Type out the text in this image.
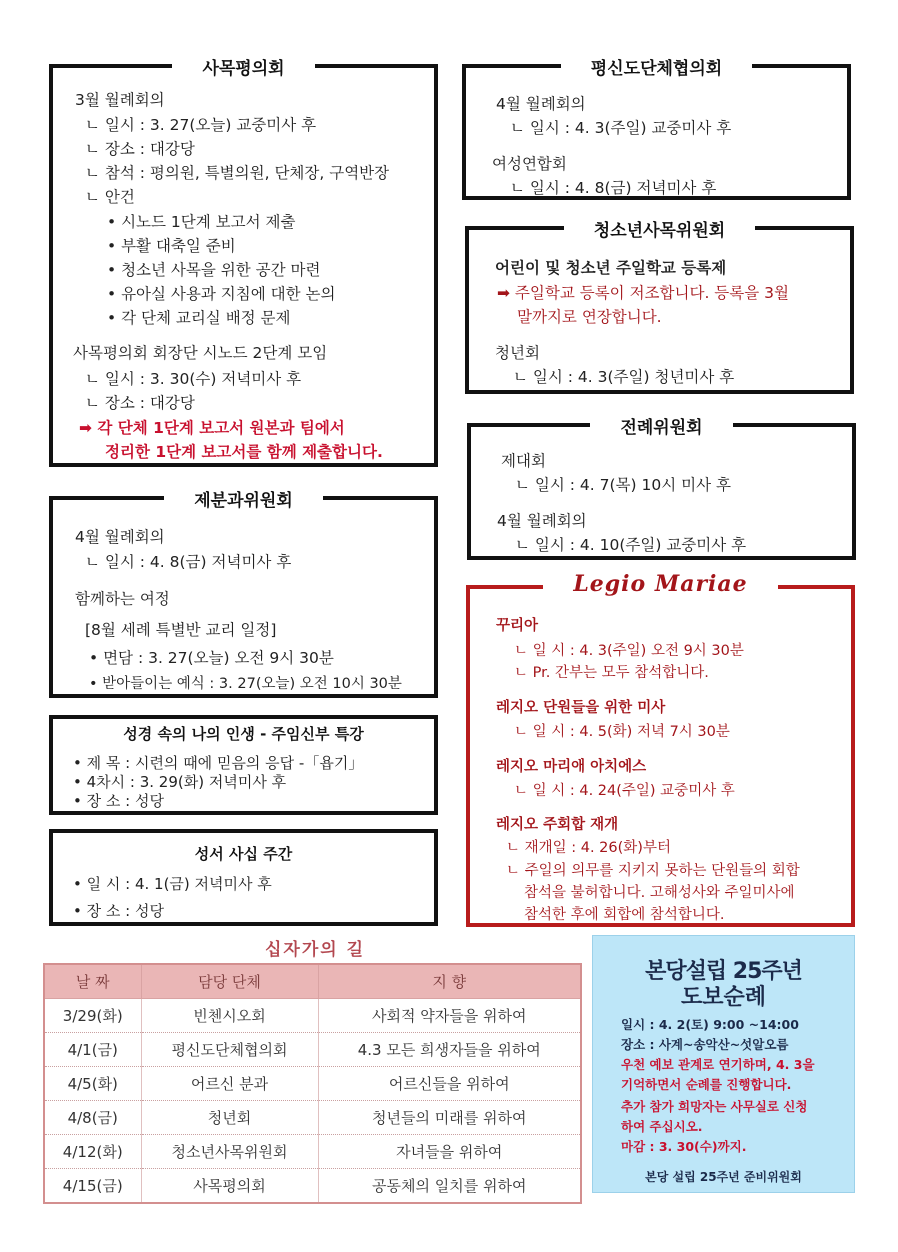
사목평의회
3월 월례회의
ㄴ 일시 : 3. 27(오늘) 교중미사 후
ㄴ 장소 : 대강당
ㄴ 참석 : 평의원, 특별의원, 단체장, 구역반장
ㄴ 안건
• 시노드 1단계 보고서 제출
• 부활 대축일 준비
• 청소년 사목을 위한 공간 마련
• 유아실 사용과 지침에 대한 논의
• 각 단체 교리실 배정 문제
사목평의회 회장단 시노드 2단계 모임
ㄴ 일시 : 3. 30(수) 저녁미사 후
ㄴ 장소 : 대강당
➡ 각 단체 1단계 보고서 원본과 팀에서
정리한 1단계 보고서를 함께 제출합니다.
평신도단체협의회
4월 월례회의
ㄴ 일시 : 4. 3(주일) 교중미사 후
여성연합회
ㄴ 일시 : 4. 8(금) 저녁미사 후
청소년사목위원회
어린이 및 청소년 주일학교 등록제
➡ 주일학교 등록이 저조합니다. 등록을 3월
말까지로 연장합니다.
청년회
ㄴ 일시 : 4. 3(주일) 청년미사 후
전례위원회
제대회
ㄴ 일시 : 4. 7(목) 10시 미사 후
4월 월례회의
ㄴ 일시 : 4. 10(주일) 교중미사 후
제분과위원회
4월 월례회의
ㄴ 일시 : 4. 8(금) 저녁미사 후
함께하는 여정
[8월 세례 특별반 교리 일정]
• 면담 : 3. 27(오늘) 오전 9시 30분
• 받아들이는 예식 : 3. 27(오늘) 오전 10시 30분
성경 속의 나의 인생 - 주임신부 특강
• 제 목 : 시련의 때에 믿음의 응답 -「욥기」
• 4차시 : 3. 29(화) 저녁미사 후
• 장 소 : 성당
성서 사십 주간
• 일 시 : 4. 1(금) 저녁미사 후
• 장 소 : 성당
Legio Mariae
꾸리아
ㄴ 일 시 : 4. 3(주일) 오전 9시 30분
ㄴ Pr. 간부는 모두 참석합니다.
레지오 단원들을 위한 미사
ㄴ 일 시 : 4. 5(화) 저녁 7시 30분
레지오 마리애 아치에스
ㄴ 일 시 : 4. 24(주일) 교중미사 후
레지오 주회합 재개
ㄴ 재개일 : 4. 26(화)부터
ㄴ 주일의 의무를 지키지 못하는 단원들의 회합
참석을 불허합니다. 고해성사와 주일미사에
참석한 후에 회합에 참석합니다.
십자가의 길
날 짜	담당 단체	지 향
3/29(화)	빈첸시오회	사회적 약자들을 위하여
4/1(금)	평신도단체협의회	4.3 모든 희생자들을 위하여
4/5(화)	어르신 분과	어르신들을 위하여
4/8(금)	청년회	청년들의 미래를 위하여
4/12(화)	청소년사목위원회	자녀들을 위하여
4/15(금)	사목평의회	공동체의 일치를 위하여
본당설립 25주년
도보순례
일시 : 4. 2(토) 9:00 ~14:00
장소 : 사계~송악산~섯알오름
우천 예보 관계로 연기하며, 4. 3을
기억하면서 순례를 진행합니다.
추가 참가 희망자는 사무실로 신청
하여 주십시오.
마감 : 3. 30(수)까지.
본당 설립 25주년 준비위원회
